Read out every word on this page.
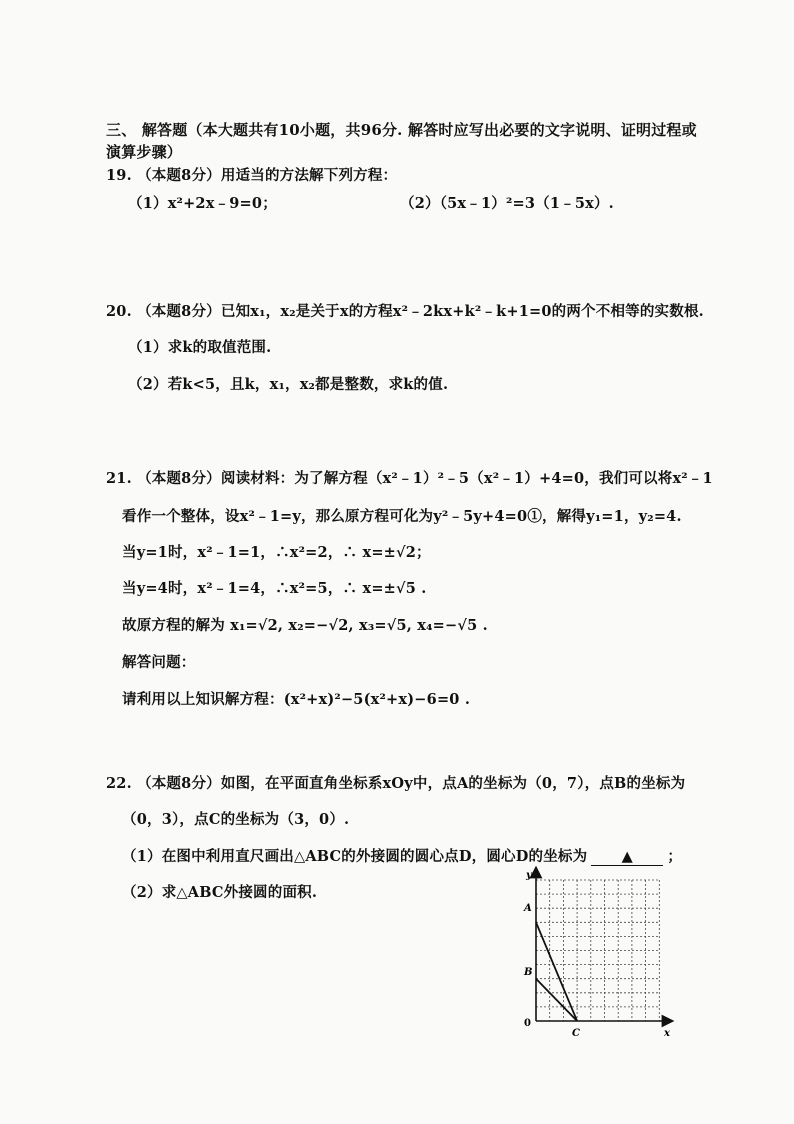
三、 解答题（本大题共有10小题，共96分. 解答时应写出必要的文字说明、证明过程或
演算步骤）
19. （本题8分）用适当的方法解下列方程：
（1）x²+2x﹣9=0；	（2）（5x﹣1）²=3（1﹣5x）.
20. （本题8分）已知x₁，x₂是关于x的方程x²﹣2kx+k²﹣k+1=0的两个不相等的实数根.
（1）求k的取值范围.
（2）若k<5，且k，x₁，x₂都是整数，求k的值.
21. （本题8分）阅读材料：为了解方程（x²﹣1）²﹣5（x²﹣1）+4=0，我们可以将x²﹣1
看作一个整体，设x²﹣1=y，那么原方程可化为y²﹣5y+4=0①，解得y₁=1，y₂=4.
当y=1时，x²﹣1=1，∴x²=2，∴ x=±√2；
当y=4时，x²﹣1=4，∴x²=5，∴ x=±√5 .
故原方程的解为 x₁=√2, x₂=−√2, x₃=√5, x₄=−√5 .
解答问题：
请利用以上知识解方程：(x²+x)²−5(x²+x)−6=0 .
22. （本题8分）如图，在平面直角坐标系xOy中，点A的坐标为（0，7），点B的坐标为
（0，3），点C的坐标为（3，0）.
（1）在图中利用直尺画出△ABC的外接圆的圆心点D，圆心D的坐标为 ▲ ；
（2）求△ABC外接圆的面积.
y
x
0
A
B
C
